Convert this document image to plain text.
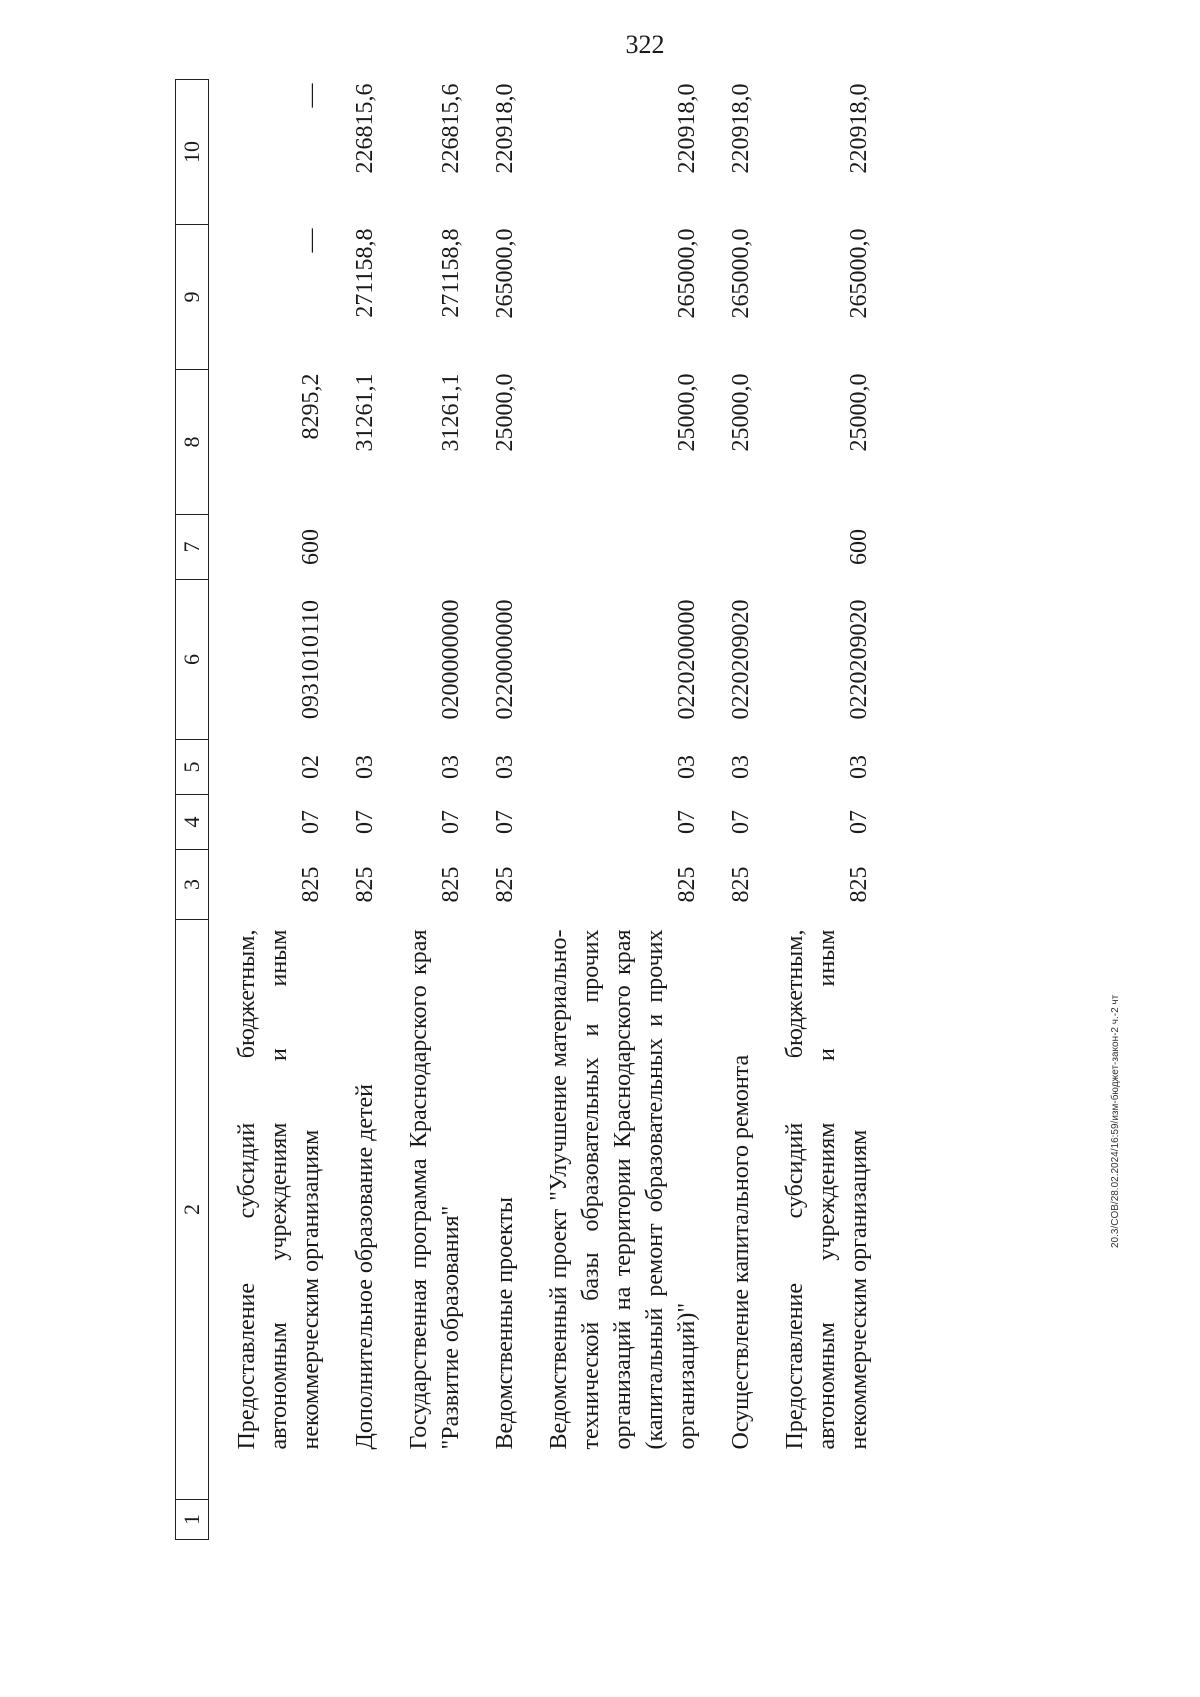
322
1	2	3	4	5	6	7	8	9	10
	Предоставление субсидий бюджетным, автономным учреждениям и иным некоммерческим организациям	825	07	02	0931010110	600	8295,2	—	—
	Дополнительное образование детей	825	07	03			31261,1	271158,8	226815,6
	Государственная программа Краснодарского края "Развитие образования"	825	07	03	0200000000		31261,1	271158,8	226815,6
	Ведомственные проекты	825	07	03	0220000000		25000,0	265000,0	220918,0
	Ведомственный проект "Улучшение материально-технической базы образовательных и прочих организаций на территории Краснодарского края (капитальный ремонт образовательных и прочих организаций)"	825	07	03	0220200000		25000,0	265000,0	220918,0
	Осуществление капитального ремонта	825	07	03	0220209020		25000,0	265000,0	220918,0
	Предоставление субсидий бюджетным, автономным учреждениям и иным некоммерческим организациям	825	07	03	0220209020	600	25000,0	265000,0	220918,0
20.3/COB/28.02.2024/16:59/изм-бюджет-закон-2 ч.-2 чт
